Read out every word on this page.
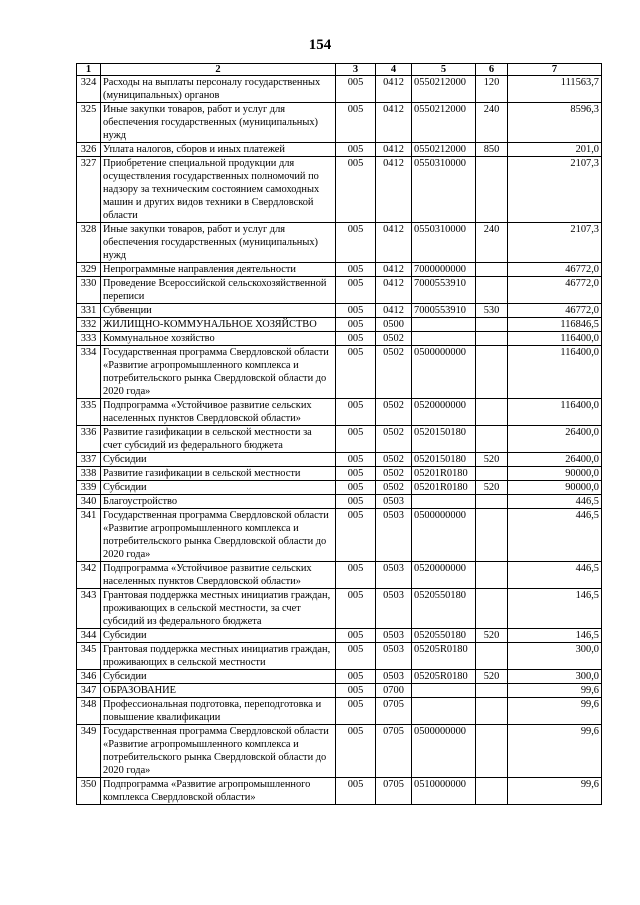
154
1	2	3	4	5	6	7
324	Расходы на выплаты персоналу государственных (муниципальных) органов	005	0412	0550212000	120	111563,7
325	Иные закупки товаров, работ и услуг для обеспечения государственных (муниципальных) нужд	005	0412	0550212000	240	8596,3
326	Уплата налогов, сборов и иных платежей	005	0412	0550212000	850	201,0
327	Приобретение специальной продукции для осуществления государственных полномочий по надзору за техническим состоянием самоходных машин и других видов техники в Свердловской области	005	0412	0550310000		2107,3
328	Иные закупки товаров, работ и услуг для обеспечения государственных (муниципальных) нужд	005	0412	0550310000	240	2107,3
329	Непрограммные направления деятельности	005	0412	7000000000		46772,0
330	Проведение Всероссийской сельскохозяйственной переписи	005	0412	7000553910		46772,0
331	Субвенции	005	0412	7000553910	530	46772,0
332	ЖИЛИЩНО-КОММУНАЛЬНОЕ ХОЗЯЙСТВО	005	0500			116846,5
333	Коммунальное хозяйство	005	0502			116400,0
334	Государственная программа Свердловской области «Развитие агропромышленного комплекса и потребительского рынка Свердловской области до 2020 года»	005	0502	0500000000		116400,0
335	Подпрограмма «Устойчивое развитие сельских населенных пунктов Свердловской области»	005	0502	0520000000		116400,0
336	Развитие газификации в сельской местности за счет субсидий из федерального бюджета	005	0502	0520150180		26400,0
337	Субсидии	005	0502	0520150180	520	26400,0
338	Развитие газификации в сельской местности	005	0502	05201R0180		90000,0
339	Субсидии	005	0502	05201R0180	520	90000,0
340	Благоустройство	005	0503			446,5
341	Государственная программа Свердловской области «Развитие агропромышленного комплекса и потребительского рынка Свердловской области до 2020 года»	005	0503	0500000000		446,5
342	Подпрограмма «Устойчивое развитие сельских населенных пунктов Свердловской области»	005	0503	0520000000		446,5
343	Грантовая поддержка местных инициатив граждан, проживающих в сельской местности, за счет субсидий из федерального бюджета	005	0503	0520550180		146,5
344	Субсидии	005	0503	0520550180	520	146,5
345	Грантовая поддержка местных инициатив граждан, проживающих в сельской местности	005	0503	05205R0180		300,0
346	Субсидии	005	0503	05205R0180	520	300,0
347	ОБРАЗОВАНИЕ	005	0700			99,6
348	Профессиональная подготовка, переподготовка и повышение квалификации	005	0705			99,6
349	Государственная программа Свердловской области «Развитие агропромышленного комплекса и потребительского рынка Свердловской области до 2020 года»	005	0705	0500000000		99,6
350	Подпрограмма «Развитие агропромышленного комплекса Свердловской области»	005	0705	0510000000		99,6
